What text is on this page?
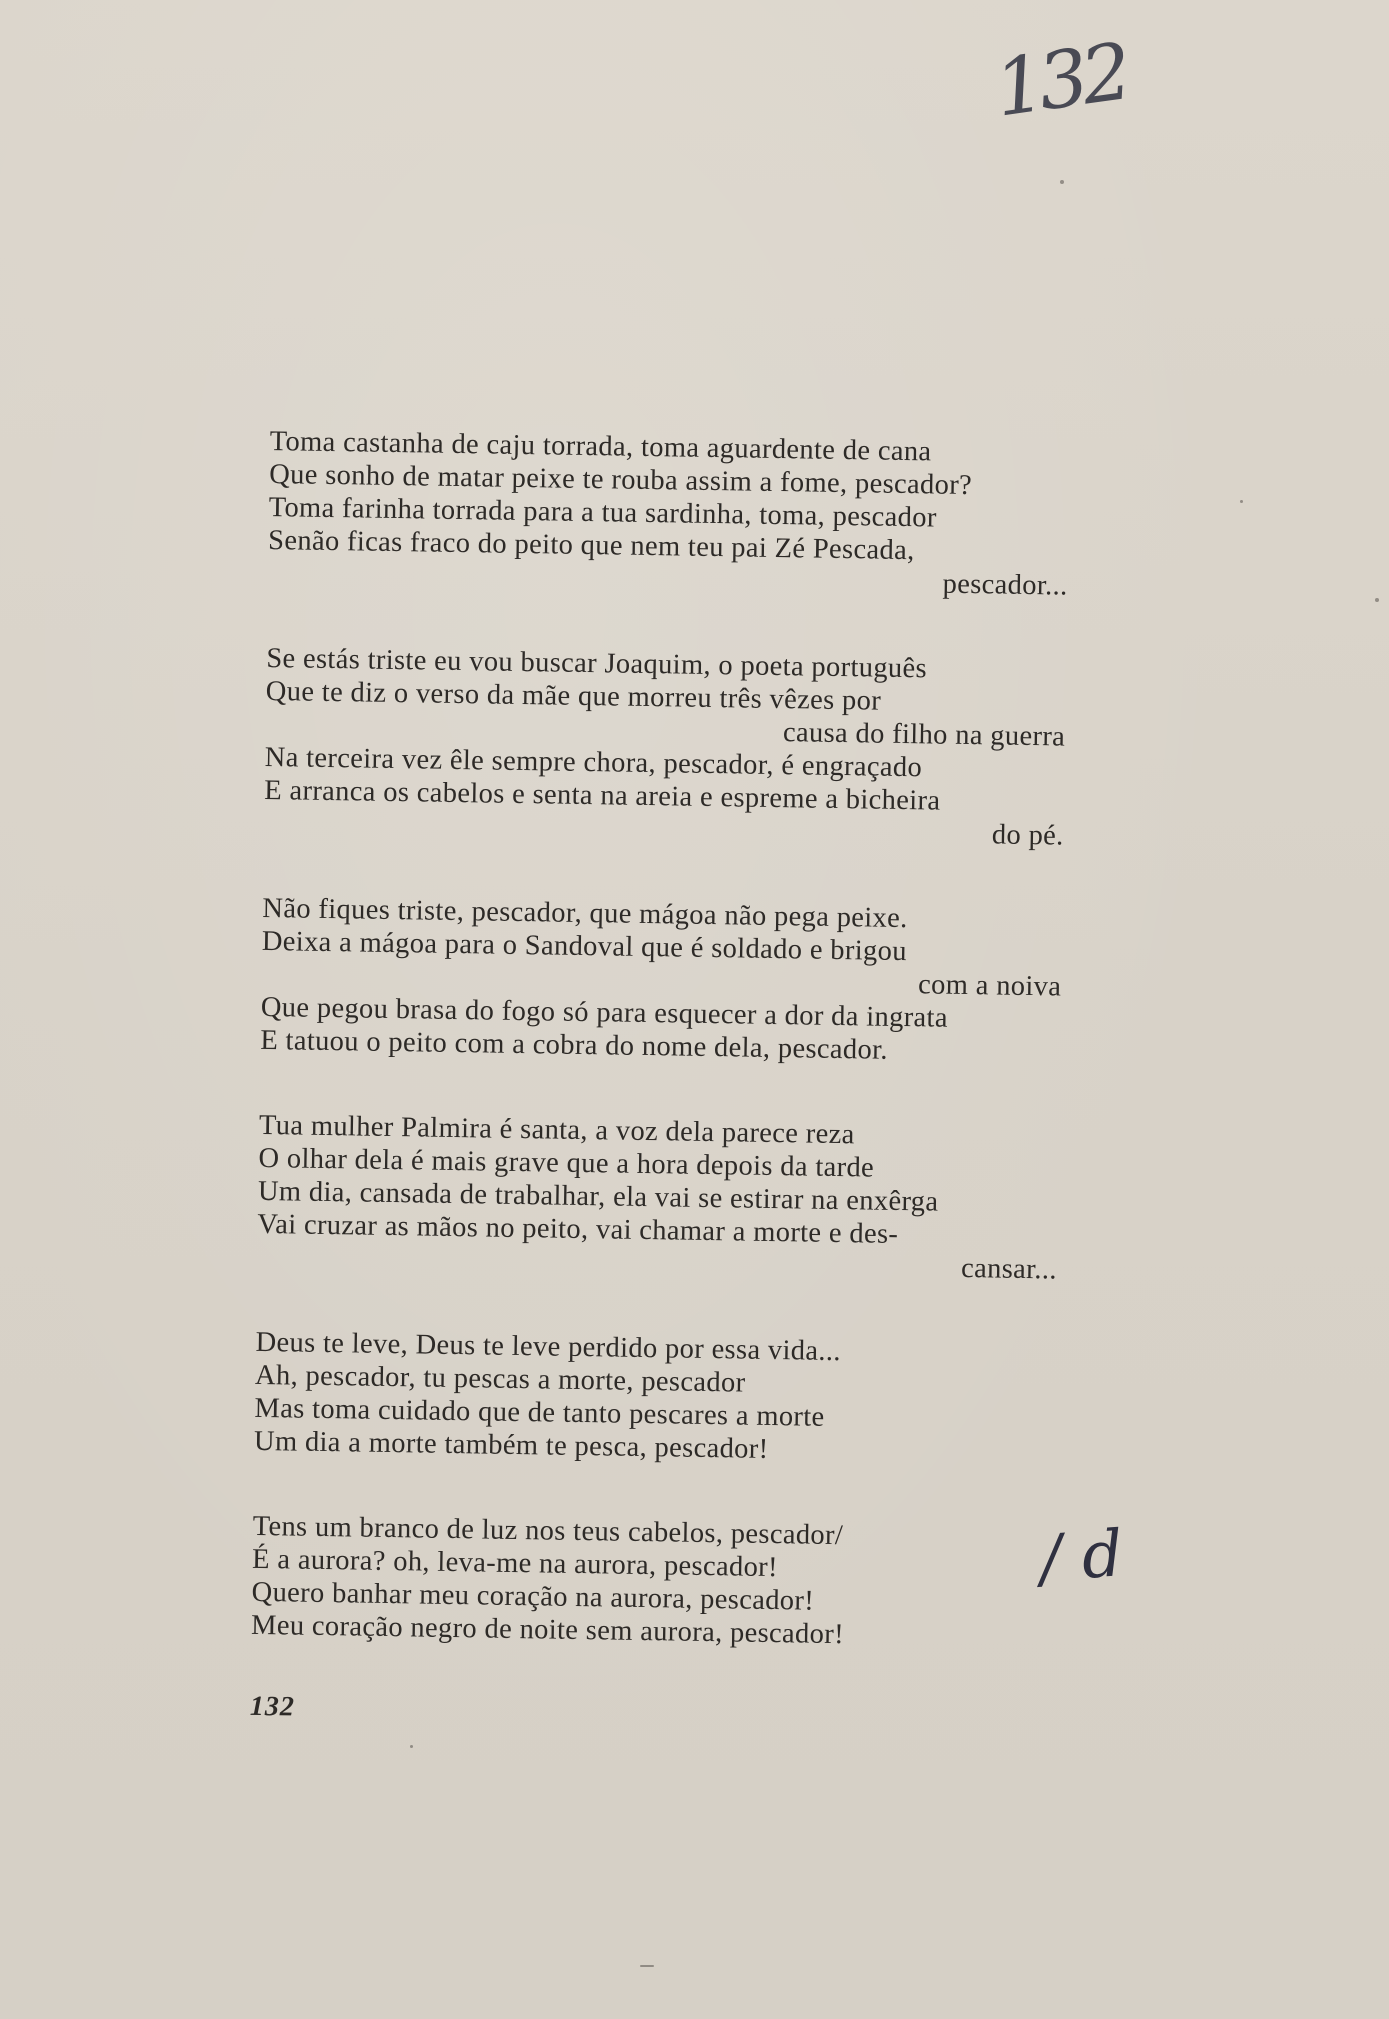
132
/ d
Toma castanha de caju torrada, toma aguardente de cana
Que sonho de matar peixe te rouba assim a fome, pescador?
Toma farinha torrada para a tua sardinha, toma, pescador
Senão ficas fraco do peito que nem teu pai Zé Pescada,
pescador...
Se estás triste eu vou buscar Joaquim, o poeta português
Que te diz o verso da mãe que morreu três vêzes por
causa do filho na guerra
Na terceira vez êle sempre chora, pescador, é engraçado
E arranca os cabelos e senta na areia e espreme a bicheira
do pé.
Não fiques triste, pescador, que mágoa não pega peixe.
Deixa a mágoa para o Sandoval que é soldado e brigou
com a noiva
Que pegou brasa do fogo só para esquecer a dor da ingrata
E tatuou o peito com a cobra do nome dela, pescador.
Tua mulher Palmira é santa, a voz dela parece reza
O olhar dela é mais grave que a hora depois da tarde
Um dia, cansada de trabalhar, ela vai se estirar na enxêrga
Vai cruzar as mãos no peito, vai chamar a morte e des-
cansar...
Deus te leve, Deus te leve perdido por essa vida...
Ah, pescador, tu pescas a morte, pescador
Mas toma cuidado que de tanto pescares a morte
Um dia a morte também te pesca, pescador!
Tens um branco de luz nos teus cabelos, pescador/
É a aurora? oh, leva-me na aurora, pescador!
Quero banhar meu coração na aurora, pescador!
Meu coração negro de noite sem aurora, pescador!
132
